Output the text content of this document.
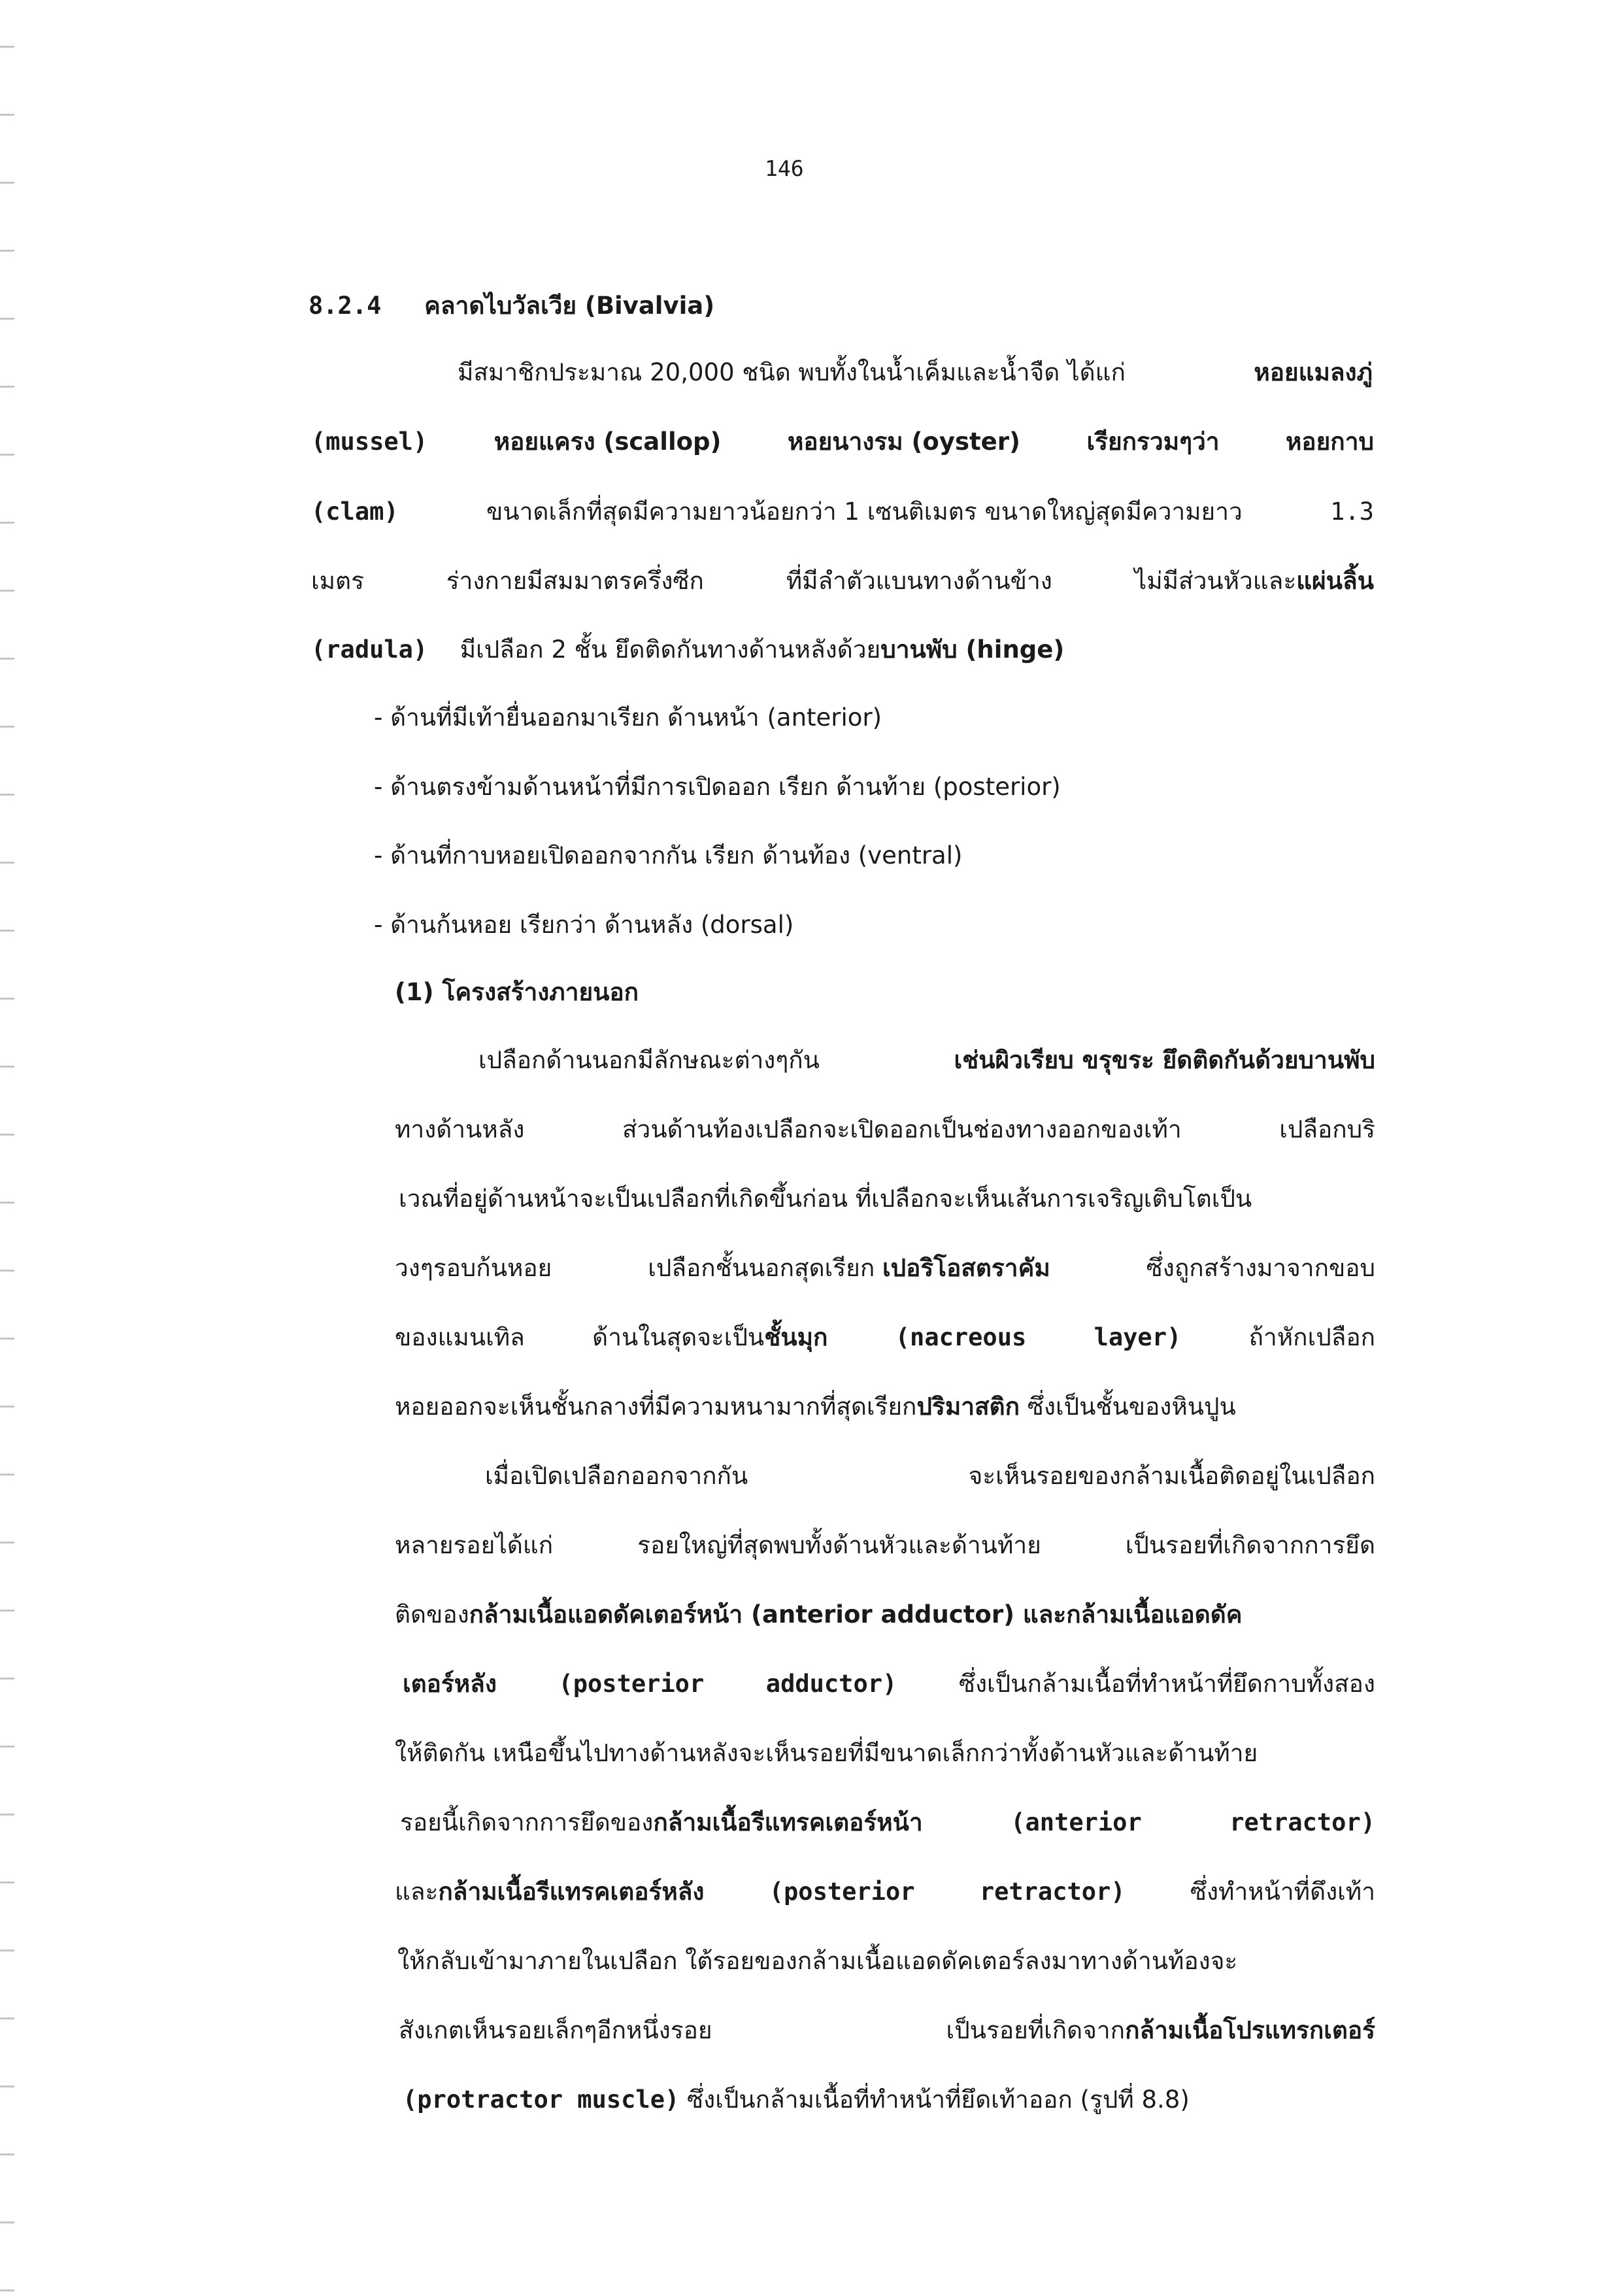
146
8.2.4 คลาดไบวัลเวีย (Bivalvia)
มีสมาชิกประมาณ 20,000 ชนิด พบทั้งในน้ำเค็มและน้ำจืด ได้แก่	หอยแมลงภู่
(mussel)	หอยแครง (scallop)	หอยนางรม (oyster)	เรียกรวมๆว่า	หอยกาบ
(clam)	ขนาดเล็กที่สุดมีความยาวน้อยกว่า 1 เซนติเมตร ขนาดใหญ่สุดมีความยาว	1.3
เมตร	ร่างกายมีสมมาตรครึ่งซีก	ที่มีลำตัวแบนทางด้านข้าง	ไม่มีส่วนหัวและแผ่นลิ้น
(radula) มีเปลือก 2 ชั้น ยึดติดกันทางด้านหลังด้วยบานพับ (hinge)
- ด้านที่มีเท้ายื่นออกมาเรียก ด้านหน้า (anterior)
- ด้านตรงข้ามด้านหน้าที่มีการเปิดออก เรียก ด้านท้าย (posterior)
- ด้านที่กาบหอยเปิดออกจากกัน เรียก ด้านท้อง (ventral)
- ด้านก้นหอย เรียกว่า ด้านหลัง (dorsal)
(1) โครงสร้างภายนอก
เปลือกด้านนอกมีลักษณะต่างๆกัน	เช่นผิวเรียบ ขรุขระ ยึดติดกันด้วยบานพับ
ทางด้านหลัง	ส่วนด้านท้องเปลือกจะเปิดออกเป็นช่องทางออกของเท้า	เปลือกบริ
เวณที่อยู่ด้านหน้าจะเป็นเปลือกที่เกิดขึ้นก่อน ที่เปลือกจะเห็นเส้นการเจริญเติบโตเป็น
วงๆรอบก้นหอย	เปลือกชั้นนอกสุดเรียก เปอริโอสตราคัม	ซึ่งถูกสร้างมาจากขอบ
ของแมนเทิล	ด้านในสุดจะเป็นชั้นมุก	(nacreous	layer)	ถ้าหักเปลือก
หอยออกจะเห็นชั้นกลางที่มีความหนามากที่สุดเรียกปริมาสติก ซึ่งเป็นชั้นของหินปูน
เมื่อเปิดเปลือกออกจากกัน	จะเห็นรอยของกล้ามเนื้อติดอยู่ในเปลือก
หลายรอยได้แก่	รอยใหญ่ที่สุดพบทั้งด้านหัวและด้านท้าย	เป็นรอยที่เกิดจากการยึด
ติดของกล้ามเนื้อแอดดัคเตอร์หน้า (anterior adductor) และกล้ามเนื้อแอดดัค
เตอร์หลัง	(posterior	adductor)	ซึ่งเป็นกล้ามเนื้อที่ทำหน้าที่ยึดกาบทั้งสอง
ให้ติดกัน เหนือขึ้นไปทางด้านหลังจะเห็นรอยที่มีขนาดเล็กกว่าทั้งด้านหัวและด้านท้าย
รอยนี้เกิดจากการยึดของกล้ามเนื้อรีแทรคเตอร์หน้า	(anterior	retractor)
และกล้ามเนื้อรีแทรคเตอร์หลัง	(posterior	retractor)	ซึ่งทำหน้าที่ดึงเท้า
ให้กลับเข้ามาภายในเปลือก ใต้รอยของกล้ามเนื้อแอดดัคเตอร์ลงมาทางด้านท้องจะ
สังเกตเห็นรอยเล็กๆอีกหนึ่งรอย	เป็นรอยที่เกิดจากกล้ามเนื้อโปรแทรกเตอร์
(protractor muscle) ซึ่งเป็นกล้ามเนื้อที่ทำหน้าที่ยึดเท้าออก (รูปที่ 8.8)
